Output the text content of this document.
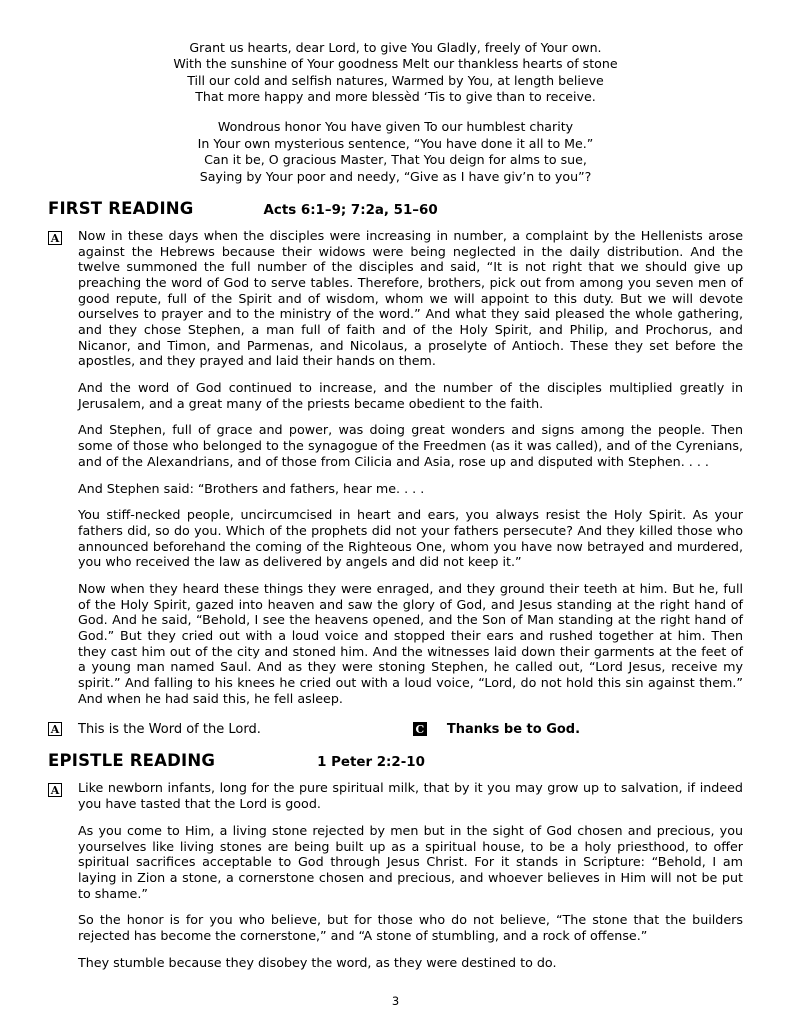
Grant us hearts, dear Lord, to give You Gladly, freely of Your own.
With the sunshine of Your goodness Melt our thankless hearts of stone
Till our cold and selfish natures, Warmed by You, at length believe
That more happy and more blessèd ‘Tis to give than to receive.
Wondrous honor You have given To our humblest charity
In Your own mysterious sentence, “You have done it all to Me.”
Can it be, O gracious Master, That You deign for alms to sue,
Saying by Your poor and needy, “Give as I have giv’n to you”?
FIRST READING	Acts 6:1–9; 7:2a, 51–60
A	Now in these days when the disciples were increasing in number, a complaint by the Hellenists arose against the Hebrews because their widows were being neglected in the daily distribution. And the twelve summoned the full number of the disciples and said, “It is not right that we should give up preaching the word of God to serve tables. Therefore, brothers, pick out from among you seven men of good repute, full of the Spirit and of wisdom, whom we will appoint to this duty. But we will devote ourselves to prayer and to the ministry of the word.” And what they said pleased the whole gathering, and they chose Stephen, a man full of faith and of the Holy Spirit, and Philip, and Prochorus, and Nicanor, and Timon, and Parmenas, and Nicolaus, a proselyte of Antioch. These they set before the apostles, and they prayed and laid their hands on them.

And the word of God continued to increase, and the number of the disciples multiplied greatly in Jerusalem, and a great many of the priests became obedient to the faith.

And Stephen, full of grace and power, was doing great wonders and signs among the people. Then some of those who belonged to the synagogue of the Freedmen (as it was called), and of the Cyrenians, and of the Alexandrians, and of those from Cilicia and Asia, rose up and disputed with Stephen. . . .

And Stephen said: “Brothers and fathers, hear me. . . .

You stiff-necked people, uncircumcised in heart and ears, you always resist the Holy Spirit. As your fathers did, so do you. Which of the prophets did not your fathers persecute? And they killed those who announced beforehand the coming of the Righteous One, whom you have now betrayed and murdered, you who received the law as delivered by angels and did not keep it.”

Now when they heard these things they were enraged, and they ground their teeth at him. But he, full of the Holy Spirit, gazed into heaven and saw the glory of God, and Jesus standing at the right hand of God. And he said, “Behold, I see the heavens opened, and the Son of Man standing at the right hand of God.” But they cried out with a loud voice and stopped their ears and rushed together at him. Then they cast him out of the city and stoned him. And the witnesses laid down their garments at the feet of a young man named Saul. And as they were stoning Stephen, he called out, “Lord Jesus, receive my spirit.” And falling to his knees he cried out with a loud voice, “Lord, do not hold this sin against them.” And when he had said this, he fell asleep.

A	This is the Word of the Lord.	C	Thanks be to God.
EPISTLE READING	1 Peter 2:2-10
A	Like newborn infants, long for the pure spiritual milk, that by it you may grow up to salvation, if indeed you have tasted that the Lord is good.

As you come to Him, a living stone rejected by men but in the sight of God chosen and precious, you yourselves like living stones are being built up as a spiritual house, to be a holy priesthood, to offer spiritual sacrifices acceptable to God through Jesus Christ. For it stands in Scripture: “Behold, I am laying in Zion a stone, a cornerstone chosen and precious, and whoever believes in Him will not be put to shame.”

So the honor is for you who believe, but for those who do not believe, “The stone that the builders rejected has become the cornerstone,” and “A stone of stumbling, and a rock of offense.”

They stumble because they disobey the word, as they were destined to do.

3
